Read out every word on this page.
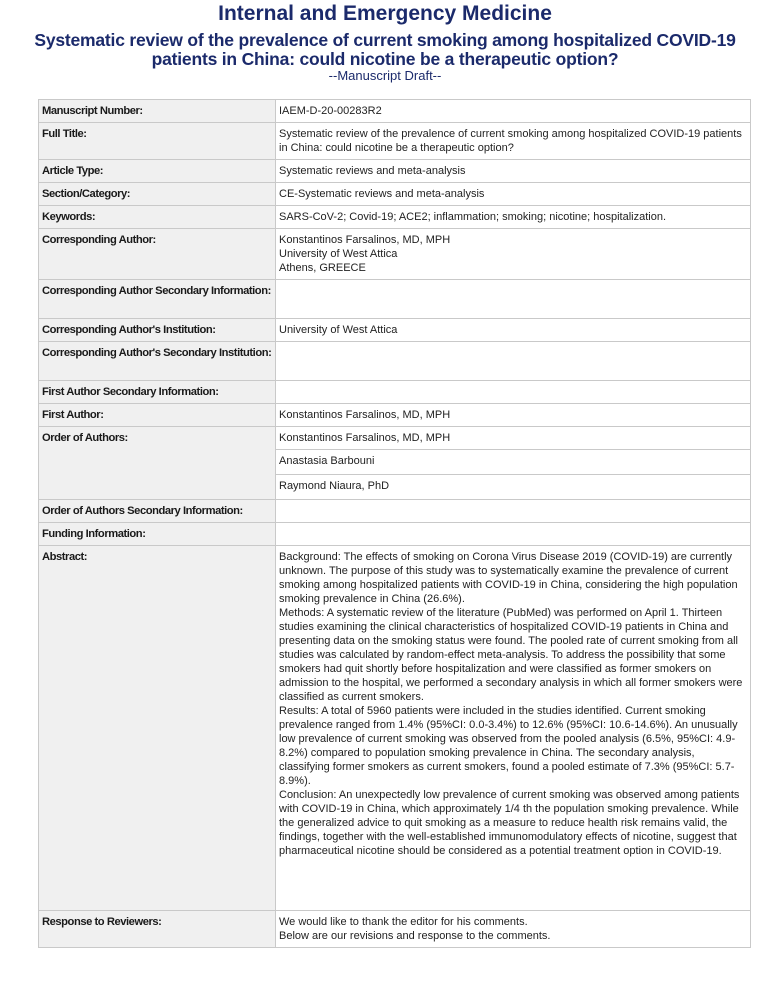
Internal and Emergency Medicine
Systematic review of the prevalence of current smoking among hospitalized COVID-19 patients in China: could nicotine be a therapeutic option?
--Manuscript Draft--
Manuscript Number:	IAEM-D-20-00283R2
Full Title:	Systematic review of the prevalence of current smoking among hospitalized COVID-19 patients in China: could nicotine be a therapeutic option?
Article Type:	Systematic reviews and meta-analysis
Section/Category:	CE-Systematic reviews and meta-analysis
Keywords:	SARS-CoV-2; Covid-19; ACE2; inflammation; smoking; nicotine; hospitalization.
Corresponding Author:	Konstantinos Farsalinos, MD, MPH
University of West Attica
Athens, GREECE

Corresponding Author Secondary Information:	
Corresponding Author's Institution:	University of West Attica
Corresponding Author's Secondary Institution:	
First Author Secondary Information:	
First Author:	Konstantinos Farsalinos, MD, MPH
Order of Authors:	Konstantinos Farsalinos, MD, MPH
	Anastasia Barbouni
	Raymond Niaura, PhD
Order of Authors Secondary Information:	
Funding Information:	
Abstract:	Background: The effects of smoking on Corona Virus Disease 2019 (COVID-19) are currently unknown. The purpose of this study was to systematically examine the prevalence of current smoking among hospitalized patients with COVID-19 in China, considering the high population smoking prevalence in China (26.6%).
Methods: A systematic review of the literature (PubMed) was performed on April 1. Thirteen studies examining the clinical characteristics of hospitalized COVID-19 patients in China and presenting data on the smoking status were found. The pooled rate of current smoking from all studies was calculated by random-effect meta-analysis. To address the possibility that some smokers had quit shortly before hospitalization and were classified as former smokers on admission to the hospital, we performed a secondary analysis in which all former smokers were classified as current smokers.
Results: A total of 5960 patients were included in the studies identified. Current smoking prevalence ranged from 1.4% (95%CI: 0.0-3.4%) to 12.6% (95%CI: 10.6-14.6%). An unusually low prevalence of current smoking was observed from the pooled analysis (6.5%, 95%CI: 4.9-8.2%) compared to population smoking prevalence in China. The secondary analysis, classifying former smokers as current smokers, found a pooled estimate of 7.3% (95%CI: 5.7-8.9%).
Conclusion: An unexpectedly low prevalence of current smoking was observed among patients with COVID-19 in China, which approximately 1/4 th the population smoking prevalence. While the generalized advice to quit smoking as a measure to reduce health risk remains valid, the findings, together with the well-established immunomodulatory effects of nicotine, suggest that pharmaceutical nicotine should be considered as a potential treatment option in COVID-19.
Response to Reviewers:	We would like to thank the editor for his comments.
Below are our revisions and response to the comments.
